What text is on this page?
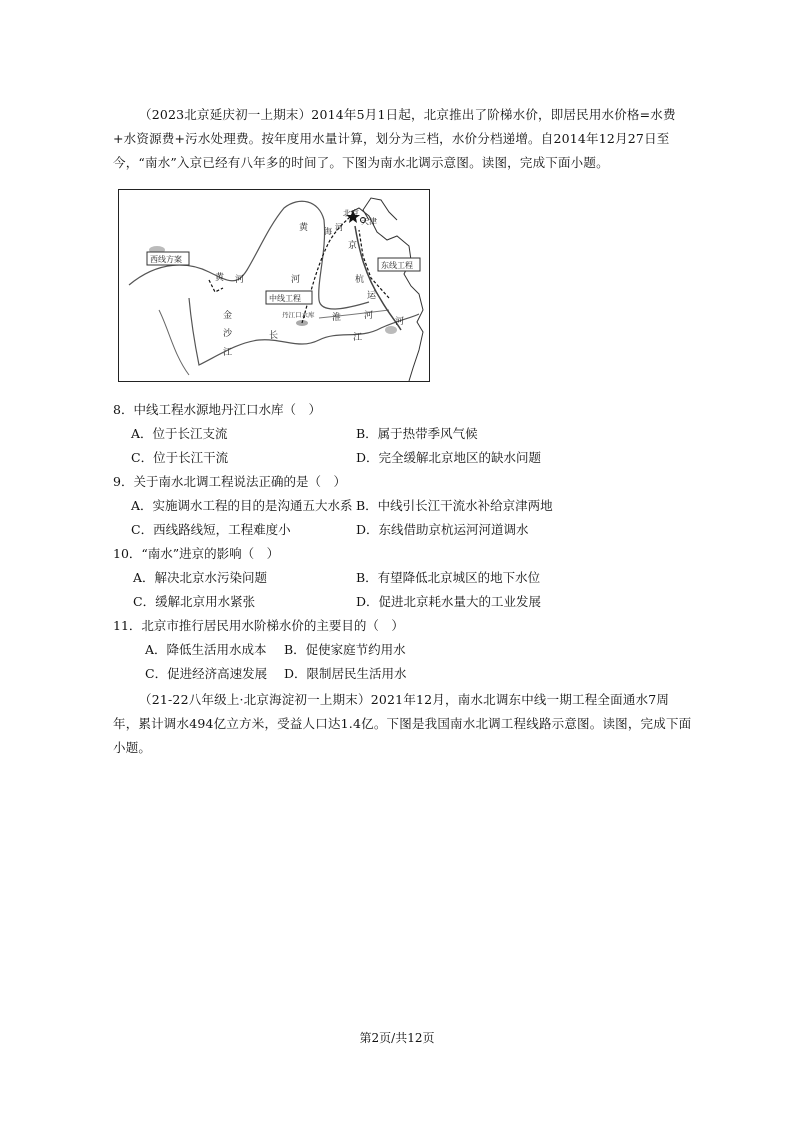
（2023北京延庆初一上期末）2014年5月1日起，北京推出了阶梯水价，即居民用水价格=水费+水资源费+污水处理费。按年度用水量计算，划分为三档，水价分档递增。自2014年12月27日至今，“南水”入京已经有八年多的时间了。下图为南水北调示意图。读图，完成下面小题。
北京
天津
西线方案
中线工程
东线工程
丹江口水库
黄
河
黄 河
海 河
京
杭
运
河
淮	河
金
沙
江
长	江
8．中线工程水源地丹江口水库（　）
A．位于长江支流	B．属于热带季风气候
C．位于长江干流	D．完全缓解北京地区的缺水问题
9．关于南水北调工程说法正确的是（　）
A．实施调水工程的目的是沟通五大水系 B．中线引长江干流水补给京津两地
C．西线路线短，工程难度小	D．东线借助京杭运河河道调水
10．“南水”进京的影响（　）
A．解决北京水污染问题	B．有望降低北京城区的地下水位
C．缓解北京用水紧张	D．促进北京耗水量大的工业发展
11．北京市推行居民用水阶梯水价的主要目的（　）
A．降低生活用水成本 B．促使家庭节约用水
C．促进经济高速发展 D．限制居民生活用水
（21-22八年级上·北京海淀初一上期末）2021年12月，南水北调东中线一期工程全面通水7周年，累计调水494亿立方米，受益人口达1.4亿。下图是我国南水北调工程线路示意图。读图，完成下面小题。
第2页/共12页
